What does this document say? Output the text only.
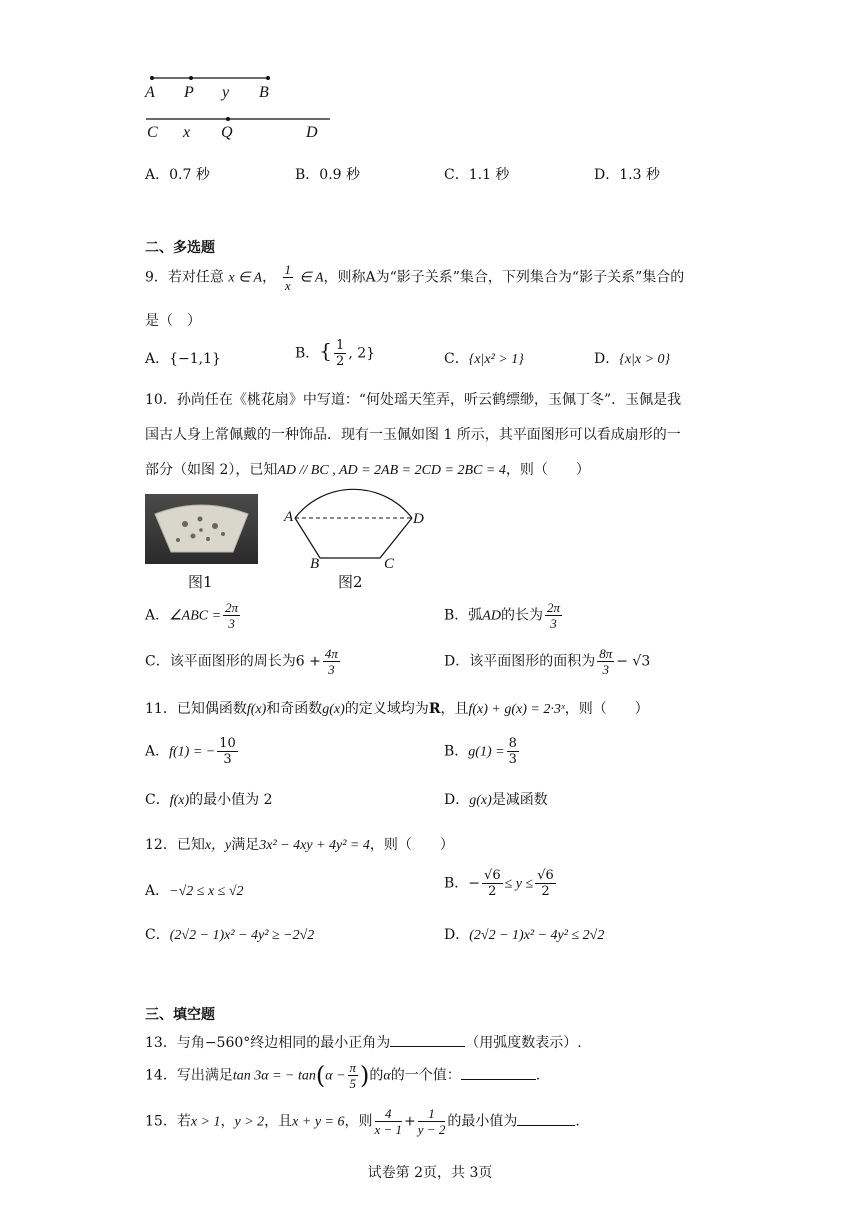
A P y B
C x Q	D
A．0.7 秒	B．0.9 秒	C．1.1 秒	D．1.3 秒
二、多选题
9．若对任意 x ∈ A， $\frac{1}{x}$ ∈ A，则称A为“影子关系”集合，下列集合为“影子关系”集合的
是（　）
A．{−1,1}	B．{ $\frac{1}{2}$ , 2}	C．{x|x² > 1}	D．{x|x > 0}
10．孙尚任在《桃花扇》中写道：“何处瑶天笙弄，听云鹤缥缈，玉佩丁冬”．玉佩是我
国古人身上常佩戴的一种饰品．现有一玉佩如图 1 所示，其平面图形可以看成扇形的一
部分（如图 2），已知AD // BC , AD = 2AB = 2CD = 2BC = 4，则（　　）
图1
A	D
B	C
图2
A．∠ABC = $\frac{2\pi}{3}$	B．弧AD的长为 $\frac{2\pi}{3}$
C．该平面图形的周长为$6 + \frac{4\pi}{3}$	D．该平面图形的面积为 $\frac{8\pi}{3} - √3$
11．已知偶函数f(x)和奇函数g(x)的定义域均为R，且f(x) + g(x) = 2·3ˣ，则（　　）
A．f(1) = − $\frac{10}{3}$	B．$g(1) = \frac{8}{3}$
C．f(x)的最小值为 2	D．g(x)是减函数
12．已知x，y满足3x² − 4xy + 4y² = 4，则（　　）
A．−√2 ≤ x ≤ √2	B．− $\frac{√6}{2} \le y \le \frac{√6}{2}$
C．(2√2 − 1)x² − 4y² ≥ −2√2	D．(2√2 − 1)x² − 4y² ≤ 2√2
三、填空题
13．与角−560°终边相同的最小正角为	（用弧度数表示）.
14．写出满足tan 3α = − $\tan(\alpha - \frac{\pi}{5}$ )的α的一个值：	.
15．若x > 1，y > 2，且x + y = 6，则 $\frac{4}{x - 1} + \frac{1}{y - 2}$ 的最小值为	.
试卷第 2页，共 3页
